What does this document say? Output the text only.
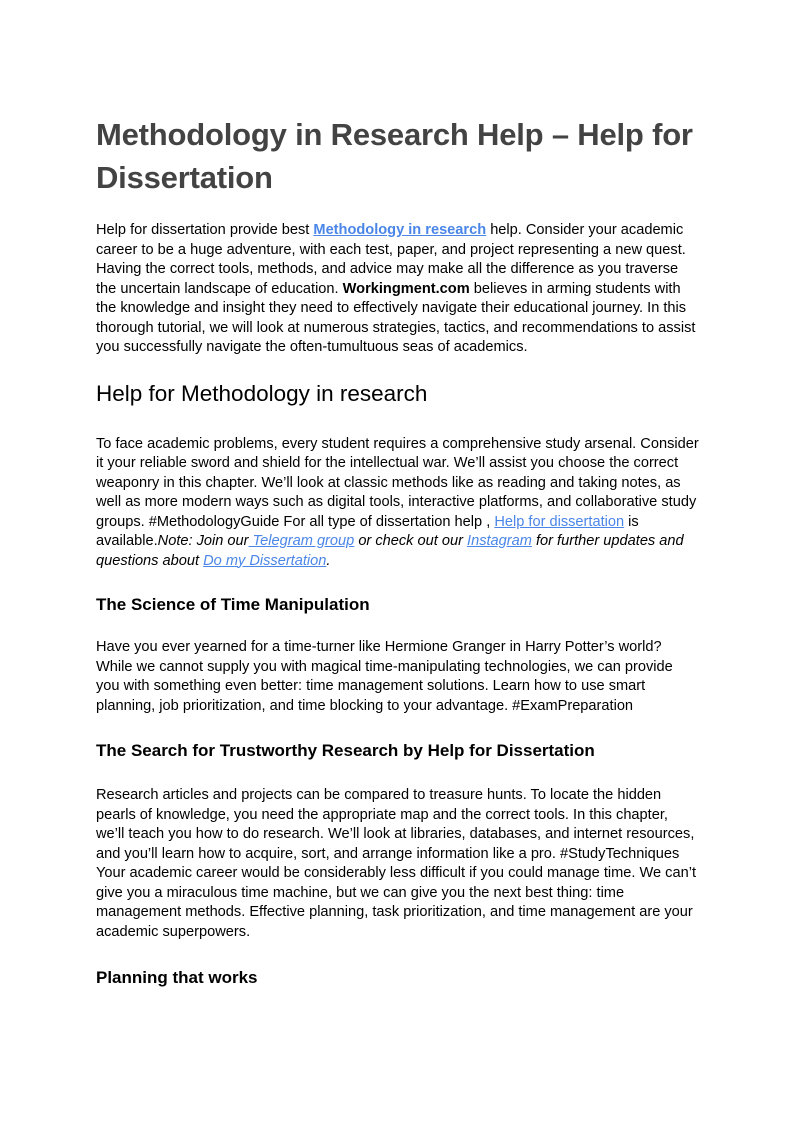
Methodology in Research Help – Help for Dissertation

Help for dissertation provide best Methodology in research help. Consider your academic career to be a huge adventure, with each test, paper, and project representing a new quest. Having the correct tools, methods, and advice may make all the difference as you traverse the uncertain landscape of education. Workingment.com believes in arming students with the knowledge and insight they need to effectively navigate their educational journey. In this thorough tutorial, we will look at numerous strategies, tactics, and recommendations to assist you successfully navigate the often-tumultuous seas of academics.

Help for Methodology in research

To face academic problems, every student requires a comprehensive study arsenal. Consider it your reliable sword and shield for the intellectual war. We’ll assist you choose the correct weaponry in this chapter. We’ll look at classic methods like as reading and taking notes, as well as more modern ways such as digital tools, interactive platforms, and collaborative study groups. #MethodologyGuide For all type of dissertation help , Help for dissertation is available.Note: Join our Telegram group or check out our Instagram for further updates and questions about Do my Dissertation.

The Science of Time Manipulation

Have you ever yearned for a time-turner like Hermione Granger in Harry Potter’s world? While we cannot supply you with magical time-manipulating technologies, we can provide you with something even better: time management solutions. Learn how to use smart planning, job prioritization, and time blocking to your advantage. #ExamPreparation

The Search for Trustworthy Research by Help for Dissertation

Research articles and projects can be compared to treasure hunts. To locate the hidden pearls of knowledge, you need the appropriate map and the correct tools. In this chapter, we’ll teach you how to do research. We’ll look at libraries, databases, and internet resources, and you’ll learn how to acquire, sort, and arrange information like a pro. #StudyTechniques Your academic career would be considerably less difficult if you could manage time. We can’t give you a miraculous time machine, but we can give you the next best thing: time management methods. Effective planning, task prioritization, and time management are your academic superpowers.

Planning that works
